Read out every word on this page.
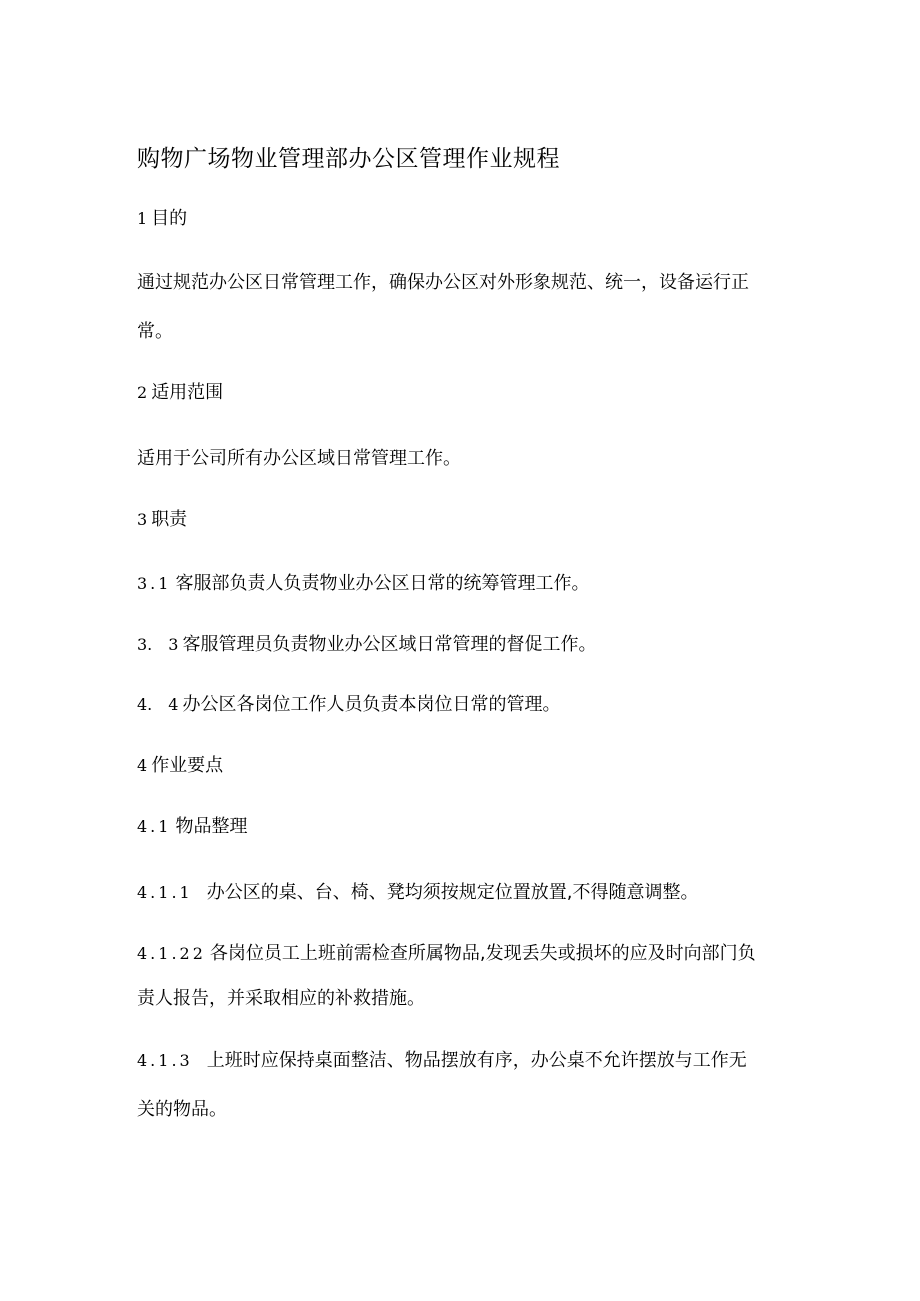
购物广场物业管理部办公区管理作业规程
1 目的
通过规范办公区日常管理工作，确保办公区对外形象规范、统一，设备运行正
常。
2 适用范围
适用于公司所有办公区域日常管理工作。
3 职责
3.1 客服部负责人负责物业办公区日常的统筹管理工作。
3.　3 客服管理员负责物业办公区域日常管理的督促工作。
4.　4 办公区各岗位工作人员负责本岗位日常的管理。
4 作业要点
4.1 物品整理
4.1.1 办公区的桌、台、椅、凳均须按规定位置放置,不得随意调整。
4.1.22 各岗位员工上班前需检查所属物品,发现丢失或损坏的应及时向部门负
责人报告，并采取相应的补救措施。
4.1.3 上班时应保持桌面整洁、物品摆放有序，办公桌不允许摆放与工作无
关的物品。
